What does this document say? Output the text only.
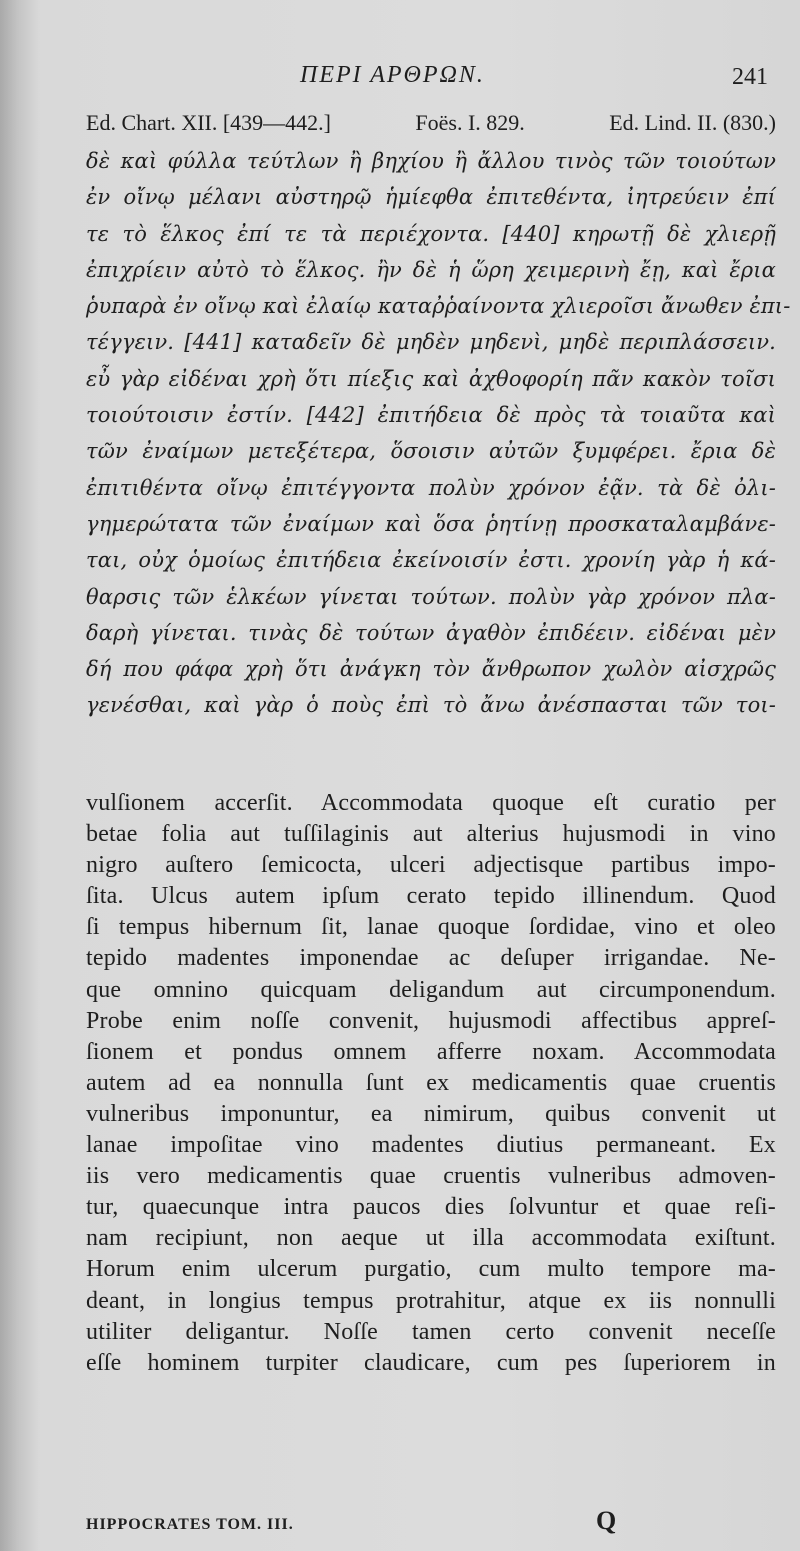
ΠΕΡΙ ΑΡΘΡΩΝ.	241
Ed. Chart. XII. [439—442.]	Foës. I. 829.	Ed. Lind. II. (830.)
δὲ καὶ φύλλα τεύτλων ἢ βηχίου ἢ ἄλλου τινὸς τῶν τοιούτων
ἐν οἴνῳ μέλανι αὐστηρῷ ἡμίεφθα ἐπιτεθέντα, ἰητρεύειν ἐπί
τε τὸ ἕλκος ἐπί τε τὰ περιέχοντα. [440] κηρωτῇ δὲ χλιερῇ
ἐπιχρίειν αὐτὸ τὸ ἕλκος. ἢν δὲ ἡ ὥρη χειμερινὴ ἔῃ, καὶ ἔρια
ῥυπαρὰ ἐν οἴνῳ καὶ ἐλαίῳ καταῤῥαίνοντα χλιεροῖσι ἄνωθεν ἐπι-
τέγγειν. [441] καταδεῖν δὲ μηδὲν μηδενὶ, μηδὲ περιπλάσσειν.
εὖ γὰρ εἰδέναι χρὴ ὅτι πίεξις καὶ ἀχθοφορίη πᾶν κακὸν τοῖσι
τοιούτοισιν ἐστίν. [442] ἐπιτήδεια δὲ πρὸς τὰ τοιαῦτα καὶ
τῶν ἐναίμων μετεξέτερα, ὅσοισιν αὐτῶν ξυμφέρει. ἔρια δὲ
ἐπιτιθέντα οἴνῳ ἐπιτέγγοντα πολὺν χρόνον ἐᾷν. τὰ δὲ ὀλι-
γημερώτατα τῶν ἐναίμων καὶ ὅσα ῥητίνῃ προσκαταλαμβάνε-
ται, οὐχ ὁμοίως ἐπιτήδεια ἐκείνοισίν ἐστι. χρονίη γὰρ ἡ κά-
θαρσις τῶν ἑλκέων γίνεται τούτων. πολὺν γὰρ χρόνον πλα-
δαρὴ γίνεται. τινὰς δὲ τούτων ἀγαθὸν ἐπιδέειν. εἰδέναι μὲν
δή που φάφα χρὴ ὅτι ἀνάγκη τὸν ἄνθρωπον χωλὸν αἰσχρῶς
γενέσθαι, καὶ γὰρ ὁ ποὺς ἐπὶ τὸ ἄνω ἀνέσπασται τῶν τοι-
vulſionem accerſit. Accommodata quoque eſt curatio per
betae folia aut tuſſilaginis aut alterius hujusmodi in vino
nigro auſtero ſemicocta, ulceri adjectisque partibus impo-
ſita. Ulcus autem ipſum cerato tepido illinendum. Quod
ſi tempus hibernum ſit, lanae quoque ſordidae, vino et oleo
tepido madentes imponendae ac deſuper irrigandae. Ne-
que omnino quicquam deligandum aut circumponendum.
Probe enim noſſe convenit, hujusmodi affectibus appreſ-
ſionem et pondus omnem afferre noxam. Accommodata
autem ad ea nonnulla ſunt ex medicamentis quae cruentis
vulneribus imponuntur, ea nimirum, quibus convenit ut
lanae impoſitae vino madentes diutius permaneant. Ex
iis vero medicamentis quae cruentis vulneribus admoven-
tur, quaecunque intra paucos dies ſolvuntur et quae reſi-
nam recipiunt, non aeque ut illa accommodata exiſtunt.
Horum enim ulcerum purgatio, cum multo tempore ma-
deant, in longius tempus protrahitur, atque ex iis nonnulli
utiliter deligantur. Noſſe tamen certo convenit neceſſe
eſſe hominem turpiter claudicare, cum pes ſuperiorem in
HIPPOCRATES TOM. III.	Q
